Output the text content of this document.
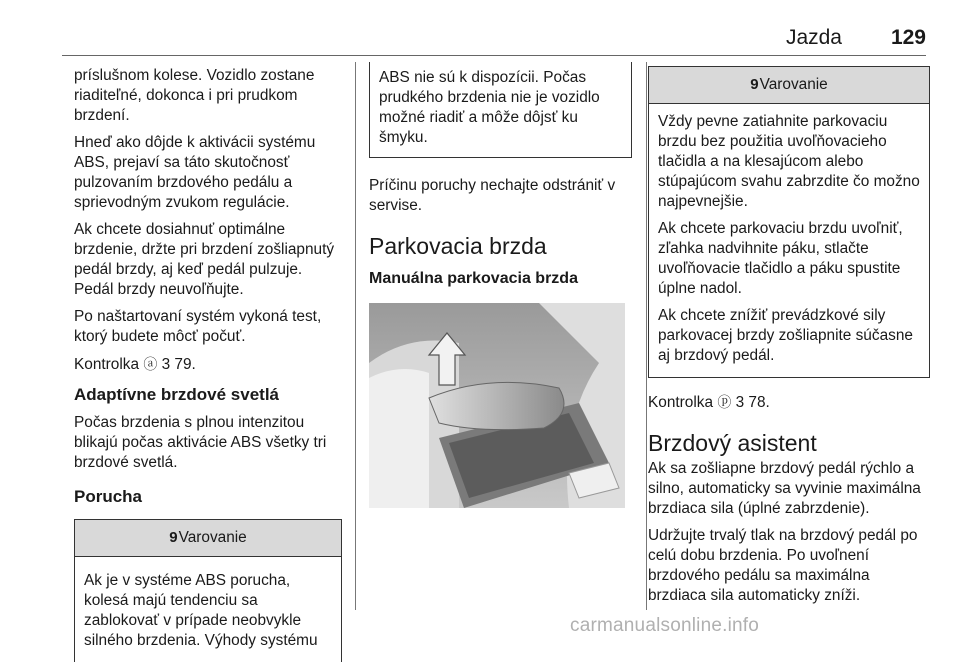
Jazda 129

príslušnom kolese. Vozidlo zostane riaditeľné, dokonca i pri prudkom brzdení.

Hneď ako dôjde k aktivácii systému ABS, prejaví sa táto skutočnosť pulzovaním brzdového pedálu a sprievodným zvukom regulácie.

Ak chcete dosiahnuť optimálne brzdenie, držte pri brzdení zošliapnutý pedál brzdy, aj keď pedál pulzuje. Pedál brzdy neuvoľňujte.

Po naštartovaní systém vykoná test, ktorý budete môcť počuť.

Kontrolka ⓐ 3 79.

Adaptívne brzdové svetlá

Počas brzdenia s plnou intenzitou blikajú počas aktivácie ABS všetky tri brzdové svetlá.

Porucha
9Varovanie

Ak je v systéme ABS porucha, kolesá majú tendenciu sa zablokovať v prípade neobvykle silného brzdenia. Výhody systému

ABS nie sú k dispozícii. Počas prudkého brzdenia nie je vozidlo možné riadiť a môže dôjsť ku šmyku.

Príčinu poruchy nechajte odstrániť v servise.

Parkovacia brzda
Manuálna parkovacia brzda
9Varovanie

Vždy pevne zatiahnite parkovaciu brzdu bez použitia uvoľňovacieho tlačidla a na klesajúcom alebo stúpajúcom svahu zabrzdite čo možno najpevnejšie.

Ak chcete parkovaciu brzdu uvoľniť, zľahka nadvihnite páku, stlačte uvoľňovacie tlačidlo a páku spustite úplne nadol.

Ak chcete znížiť prevádzkové sily parkovacej brzdy zošliapnite súčasne aj brzdový pedál.

Kontrolka ⓟ 3 78.

Brzdový asistent

Ak sa zošliapne brzdový pedál rýchlo a silno, automaticky sa vyvinie maximálna brzdiaca sila (úplné zabrzdenie).

Udržujte trvalý tlak na brzdový pedál po celú dobu brzdenia. Po uvoľnení brzdového pedálu sa maximálna brzdiaca sila automaticky zníži.

carmanualsonline.info
